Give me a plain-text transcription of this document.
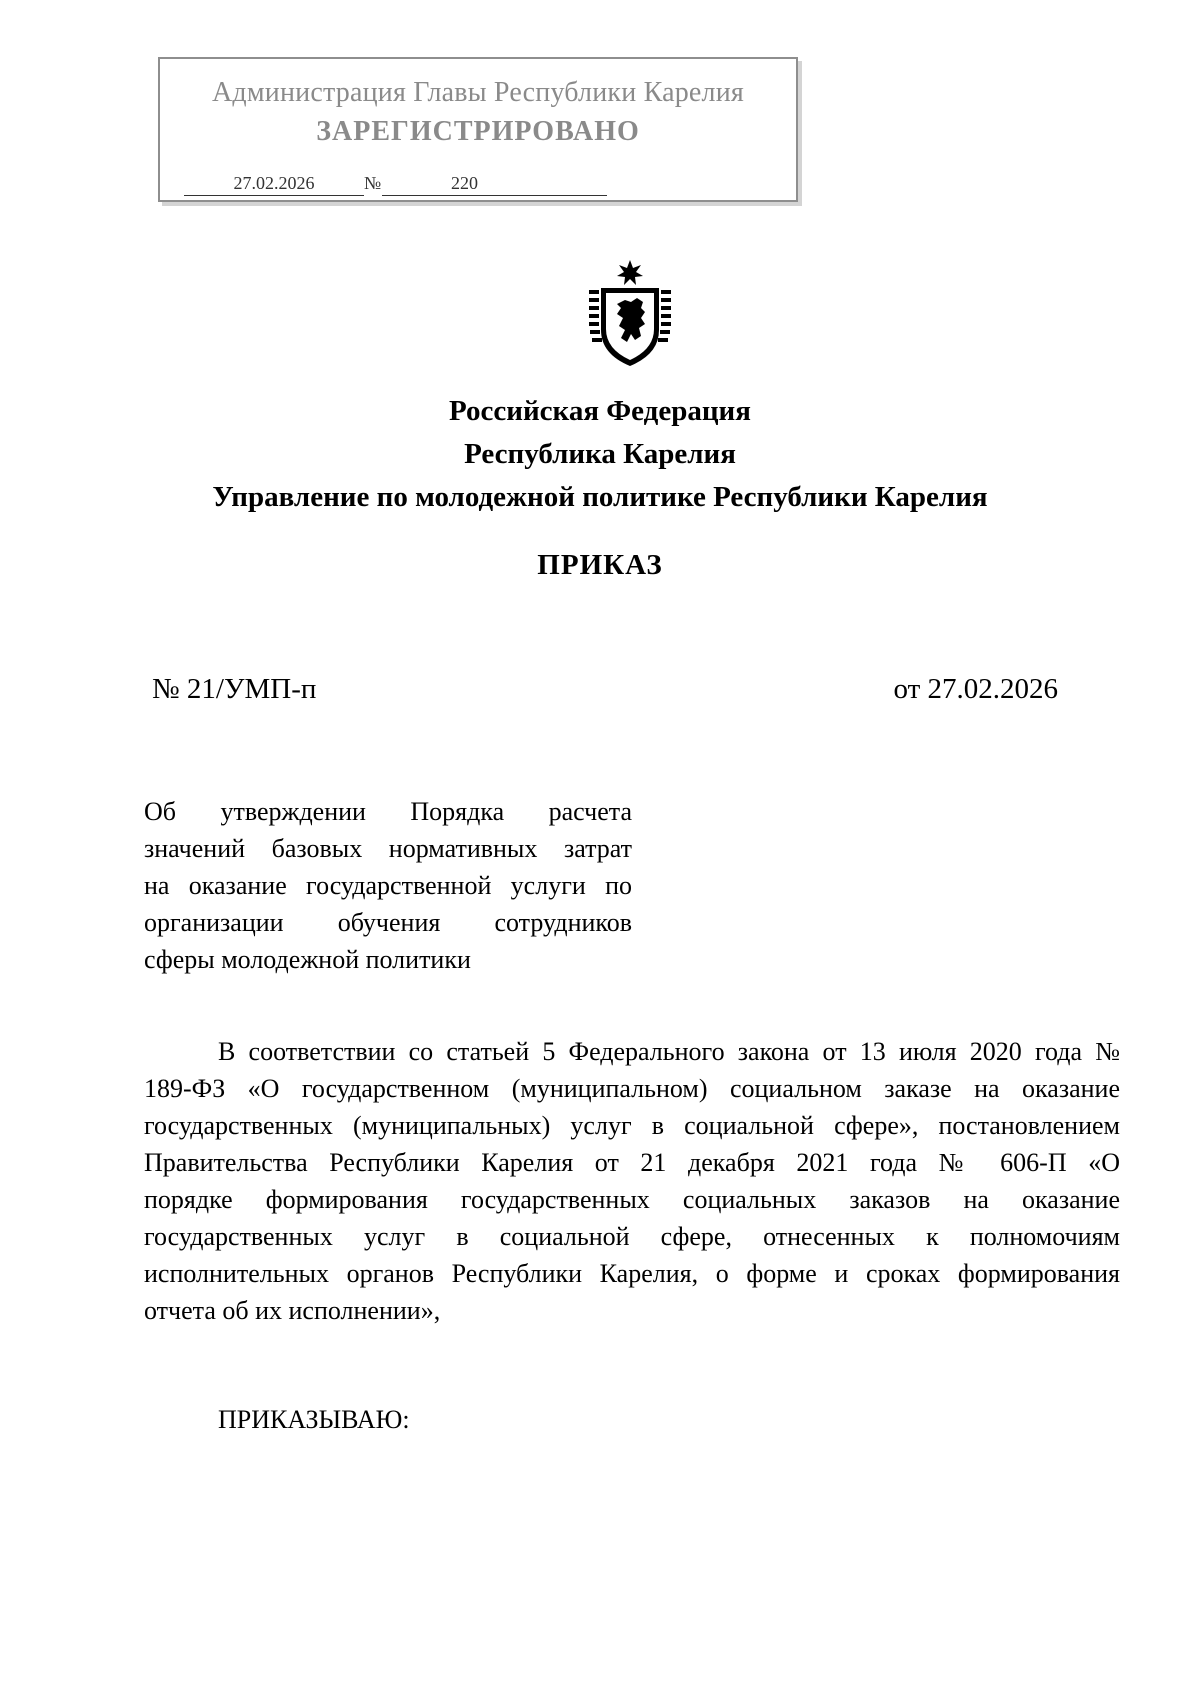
Администрация Главы Республики Карелия
ЗАРЕГИСТРИРОВАНО
27.02.2026	№	220
Российская Федерация
Республика Карелия
Управление по молодежной политике Республики Карелия
ПРИКАЗ
№ 21/УМП-п	от 27.02.2026
Об утверждении Порядка расчета
значений базовых нормативных затрат
на оказание государственной услуги по
организации обучения сотрудников
сферы молодежной политики
В соответствии со статьей 5 Федерального закона от 13 июля 2020 года №
189-ФЗ «О государственном (муниципальном) социальном заказе на оказание
государственных (муниципальных) услуг в социальной сфере», постановлением
Правительства Республики Карелия от 21 декабря 2021 года № 606-П «О
порядке формирования государственных социальных заказов на оказание
государственных услуг в социальной сфере, отнесенных к полномочиям
исполнительных органов Республики Карелия, о форме и сроках формирования
отчета об их исполнении»,
ПРИКАЗЫВАЮ:
